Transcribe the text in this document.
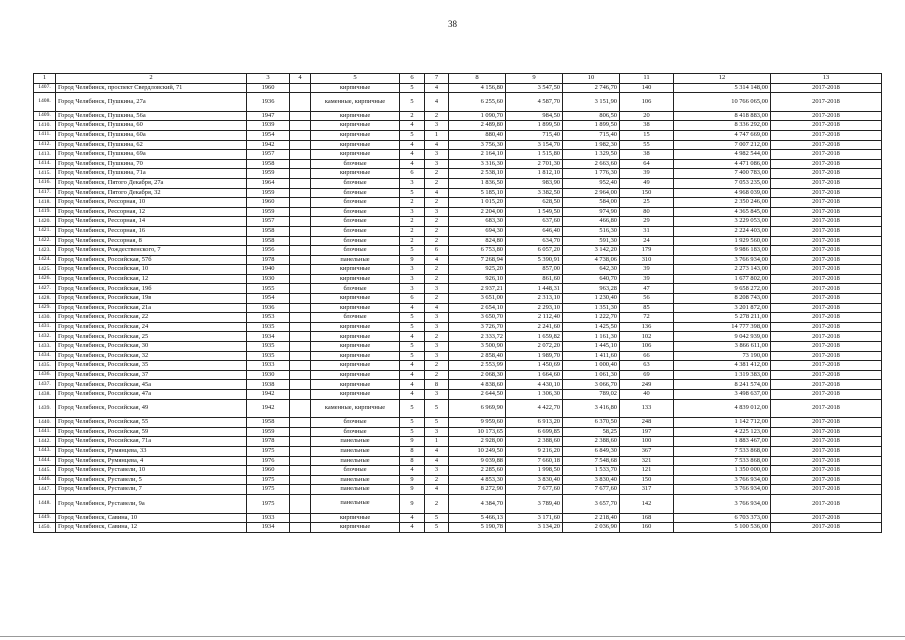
38
1	2	3	4	5	6	7	8	9	10	11	12	13
1407.	Город Челябинск, проспект Свердловский, 71	1960		кирпичные	5	4	4 156,80	3 547,50	2 746,70	140	5 314 148,00	2017-2018
1408.	Город Челябинск, Пушкина, 27а	1936		каменные, кирпичные	5	4	6 255,60	4 587,70	3 151,90	106	10 766 065,00	2017-2018
1409.	Город Челябинск, Пушкина, 56а	1947		кирпичные	2	2	1 090,70	984,50	806,50	20	8 418 883,00	2017-2018
1410.	Город Челябинск, Пушкина, 60	1939		кирпичные	4	3	2 489,80	1 899,50	1 899,50	38	8 336 292,00	2017-2018
1411.	Город Челябинск, Пушкина, 60а	1954		кирпичные	5	1	880,40	715,40	715,40	15	4 747 669,00	2017-2018
1412.	Город Челябинск, Пушкина, 62	1942		кирпичные	4	4	3 756,30	3 154,70	1 982,30	55	7 007 212,00	2017-2018
1413.	Город Челябинск, Пушкина, 69а	1957		кирпичные	4	3	2 164,10	1 515,80	1 329,50	38	4 982 544,00	2017-2018
1414.	Город Челябинск, Пушкина, 70	1958		блочные	4	3	3 316,30	2 701,30	2 663,60	64	4 471 086,00	2017-2018
1415.	Город Челябинск, Пушкина, 71а	1959		кирпичные	6	2	2 538,10	1 812,10	1 776,30	39	7 400 783,00	2017-2018
1416.	Город Челябинск, Пятого Декабря, 27а	1964		блочные	3	2	1 836,50	983,90	952,40	49	7 053 235,00	2017-2018
1417.	Город Челябинск, Пятого Декабря, 32	1959		блочные	5	4	5 185,10	3 382,50	2 964,00	150	4 968 039,00	2017-2018
1418.	Город Челябинск, Рессорная, 10	1960		блочные	2	2	1 015,20	628,50	584,00	25	2 350 246,00	2017-2018
1419.	Город Челябинск, Рессорная, 12	1959		блочные	3	3	2 204,00	1 549,50	974,90	80	4 365 845,00	2017-2018
1420.	Город Челябинск, Рессорная, 14	1957		блочные	2	2	683,30	637,60	466,80	29	3 229 053,00	2017-2018
1421.	Город Челябинск, Рессорная, 16	1958		блочные	2	2	694,30	646,40	516,30	31	2 224 403,00	2017-2018
1422.	Город Челябинск, Рессорная, 8	1958		блочные	2	2	824,80	634,70	591,30	24	1 929 560,00	2017-2018
1423.	Город Челябинск, Рождественского, 7	1956		блочные	5	6	6 753,80	6 057,20	3 142,20	179	9 986 183,00	2017-2018
1424.	Город Челябинск, Российская, 57б	1978		панельные	9	4	7 268,94	5 390,91	4 738,06	310	3 766 934,00	2017-2018
1425.	Город Челябинск, Российская, 10	1940		кирпичные	3	2	925,20	857,00	642,30	39	2 273 143,00	2017-2018
1426.	Город Челябинск, Российская, 12	1930		кирпичные	3	2	926,10	861,60	640,70	39	1 677 802,00	2017-2018
1427.	Город Челябинск, Российская, 19б	1955		блочные	3	3	2 937,21	1 448,31	963,28	47	9 658 272,00	2017-2018
1428.	Город Челябинск, Российская, 19в	1954		кирпичные	6	2	3 651,00	2 313,10	1 230,40	56	8 208 743,00	2017-2018
1429.	Город Челябинск, Российская, 21а	1936		кирпичные	4	4	2 654,10	2 293,10	1 351,30	85	3 201 872,00	2017-2018
1430.	Город Челябинск, Российская, 22	1953		блочные	5	3	3 650,70	2 112,40	1 222,70	72	5 278 211,00	2017-2018
1431.	Город Челябинск, Российская, 24	1935		кирпичные	5	3	3 726,70	2 241,60	1 425,50	136	14 777 398,00	2017-2018
1432.	Город Челябинск, Российская, 25	1934		кирпичные	4	2	2 333,72	1 659,82	1 161,30	102	9 042 939,00	2017-2018
1433.	Город Челябинск, Российская, 30	1935		кирпичные	5	3	3 500,90	2 072,20	1 445,10	106	3 866 611,00	2017-2018
1434.	Город Челябинск, Российская, 32	1935		кирпичные	5	3	2 858,40	1 989,70	1 411,60	66	73 190,00	2017-2018
1435.	Город Челябинск, Российская, 35	1933		кирпичные	4	2	2 553,99	1 450,69	1 000,40	63	4 381 412,00	2017-2018
1436.	Город Челябинск, Российская, 37	1930		кирпичные	4	2	2 068,30	1 664,60	1 061,30	69	1 319 383,00	2017-2018
1437.	Город Челябинск, Российская, 45а	1938		кирпичные	4	8	4 838,60	4 430,10	3 066,70	249	8 241 574,00	2017-2018
1438.	Город Челябинск, Российская, 47а	1942		кирпичные	4	3	2 644,50	1 306,30	789,02	40	3 498 637,00	2017-2018
1439.	Город Челябинск, Российская, 49	1942		каменные, кирпичные	5	5	6 969,90	4 422,70	3 416,80	133	4 839 012,00	2017-2018
1440.	Город Челябинск, Российская, 55	1958		блочные	5	5	9 959,60	6 913,20	6 370,50	248	1 142 712,00	2017-2018
1441.	Город Челябинск, Российская, 59	1959		блочные	5	3	10 173,65	6 699,85	58,25	197	4 225 123,00	2017-2018
1442.	Город Челябинск, Российская, 71а	1978		панельные	9	1	2 928,00	2 388,60	2 388,60	100	1 883 467,00	2017-2018
1443.	Город Челябинск, Румянцева, 33	1975		панельные	8	4	10 249,50	9 216,20	6 849,30	367	7 533 868,00	2017-2018
1444.	Город Челябинск, Румянцева, 4	1976		панельные	8	4	9 039,88	7 660,18	7 548,68	321	7 533 868,00	2017-2018
1445.	Город Челябинск, Руставели, 10	1960		блочные	4	3	2 285,60	1 998,50	1 533,70	121	1 350 000,00	2017-2018
1446.	Город Челябинск, Руставели, 5	1975		панельные	9	2	4 853,30	3 830,40	3 830,40	150	3 766 934,00	2017-2018
1447.	Город Челябинск, Руставели, 7	1975		панельные	9	4	8 272,90	7 677,60	7 677,60	317	3 766 934,00	2017-2018
1448.	Город Челябинск, Руставели, 9а	1975		панельные	9	2	4 384,70	3 789,40	3 657,70	142	3 766 934,00	2017-2018
1449.	Город Челябинск, Савина, 10	1933		кирпичные	4	5	5 466,13	3 171,60	2 218,40	168	6 703 373,00	2017-2018
1450.	Город Челябинск, Савина, 12	1934		кирпичные	4	5	5 190,78	3 134,20	2 036,90	160	5 100 536,00	2017-2018
